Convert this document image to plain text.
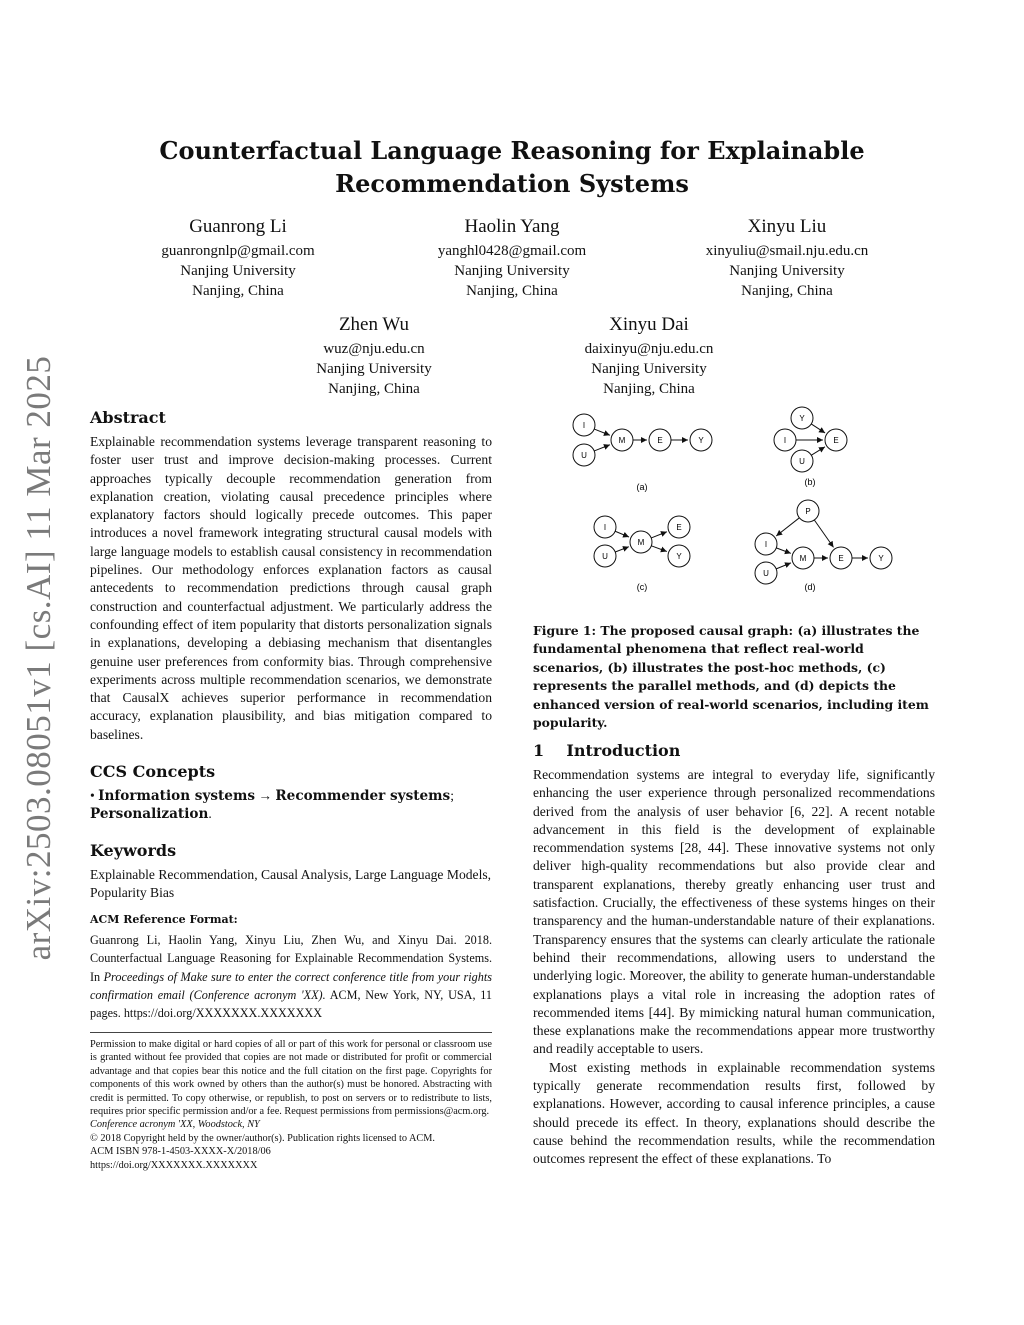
arXiv:2503.08051v1 [cs.AI] 11 Mar 2025
Counterfactual Language Reasoning for Explainable
Recommendation Systems
Guanrong Li
guanrongnlp@gmail.com
Nanjing University
Nanjing, China
Haolin Yang
yanghl0428@gmail.com
Nanjing University
Nanjing, China
Xinyu Liu
xinyuliu@smail.nju.edu.cn
Nanjing University
Nanjing, China
Zhen Wu
wuz@nju.edu.cn
Nanjing University
Nanjing, China
Xinyu Dai
daixinyu@nju.edu.cn
Nanjing University
Nanjing, China
Abstract

Explainable recommendation systems leverage transparent reasoning to foster user trust and improve decision-making processes. Current approaches typically decouple recommendation generation from explanation creation, violating causal precedence principles where explanatory factors should logically precede outcomes. This paper introduces a novel framework integrating structural causal models with large language models to establish causal consistency in recommendation pipelines. Our methodology enforces explanation factors as causal antecedents to recommendation predictions through causal graph construction and counterfactual adjustment. We particularly address the confounding effect of item popularity that distorts personalization signals in explanations, developing a debiasing mechanism that disentangles genuine user preferences from conformity bias. Through comprehensive experiments across multiple recommendation scenarios, we demonstrate that CausalX achieves superior performance in recommendation accuracy, explanation plausibility, and bias mitigation compared to baselines.

CCS Concepts
• Information systems → Recommender systems; Personalization.
Keywords
Explainable Recommendation, Causal Analysis, Large Language Models, Popularity Bias
ACM Reference Format:
Guanrong Li, Haolin Yang, Xinyu Liu, Zhen Wu, and Xinyu Dai. 2018. Counterfactual Language Reasoning for Explainable Recommendation Systems. In Proceedings of Make sure to enter the correct conference title from your rights confirmation email (Conference acronym 'XX). ACM, New York, NY, USA, 11 pages. https://doi.org/XXXXXXX.XXXXXXX

Permission to make digital or hard copies of all or part of this work for personal or classroom use is granted without fee provided that copies are not made or distributed for profit or commercial advantage and that copies bear this notice and the full citation on the first page. Copyrights for components of this work owned by others than the author(s) must be honored. Abstracting with credit is permitted. To copy otherwise, or republish, to post on servers or to redistribute to lists, requires prior specific permission and/or a fee. Request permissions from permissions@acm.org.

Conference acronym 'XX, Woodstock, NY

© 2018 Copyright held by the owner/author(s). Publication rights licensed to ACM.

ACM ISBN 978-1-4503-XXXX-X/2018/06

https://doi.org/XXXXXXX.XXXXXXX

I
U
M	E	Y
Y
I	E
U
I
U
M
E
Y
P
I
U
M	E	Y
(a)	(b)
(c)	(d)
Figure 1: The proposed causal graph: (a) illustrates the fundamental phenomena that reflect real-world scenarios, (b) illustrates the post-hoc methods, (c) represents the parallel methods, and (d) depicts the enhanced version of real-world scenarios, including item popularity.
1    Introduction

Recommendation systems are integral to everyday life, significantly enhancing the user experience through personalized recommendations derived from the analysis of user behavior [6, 22]. A recent notable advancement in this field is the development of explainable recommendation systems [28, 44]. These innovative systems not only deliver high-quality recommendations but also provide clear and transparent explanations, thereby greatly enhancing user trust and satisfaction. Crucially, the effectiveness of these systems hinges on their transparency and the human-understandable nature of their explanations. Transparency ensures that the systems can clearly articulate the rationale behind their recommendations, allowing users to understand the underlying logic. Moreover, the ability to generate human-understandable explanations plays a vital role in increasing the adoption rates of recommended items [44]. By mimicking natural human communication, these explanations make the recommendations appear more trustworthy and readily acceptable to users.

Most existing methods in explainable recommendation systems typically generate recommendation results first, followed by explanations. However, according to causal inference principles, a cause should precede its effect. In theory, explanations should describe the cause behind the recommendation results, while the recommendation outcomes represent the effect of these explanations. To
